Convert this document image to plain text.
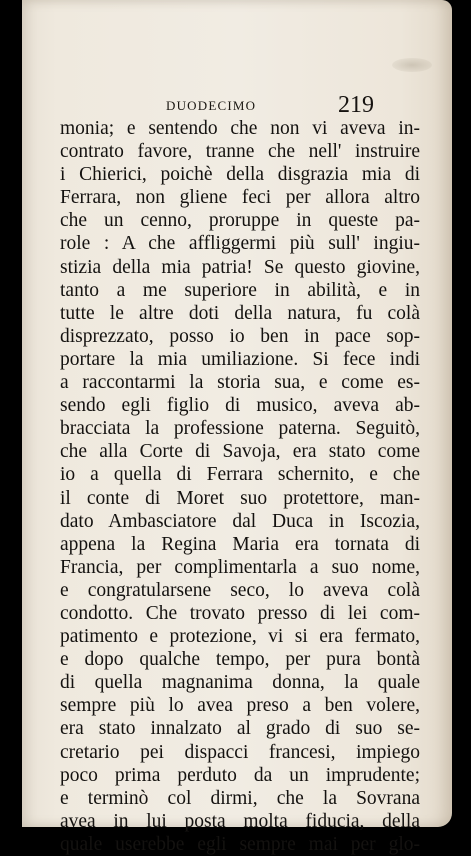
DUODECIMO	219
monia; e sentendo che non vi aveva in-
contrato favore, tranne che nell' instruire
i Chierici, poichè della disgrazia mia di
Ferrara, non gliene feci per allora altro
che un cenno, proruppe in queste pa-
role : A che affliggermi più sull' ingiu-
stizia della mia patria! Se questo giovine,
tanto a me superiore in abilità, e in
tutte le altre doti della natura, fu colà
disprezzato, posso io ben in pace sop-
portare la mia umiliazione. Si fece indi
a raccontarmi la storia sua, e come es-
sendo egli figlio di musico, aveva ab-
bracciata la professione paterna. Seguitò,
che alla Corte di Savoja, era stato come
io a quella di Ferrara schernito, e che
il conte di Moret suo protettore, man-
dato Ambasciatore dal Duca in Iscozia,
appena la Regina Maria era tornata di
Francia, per complimentarla a suo nome,
e congratularsene seco, lo aveva colà
condotto. Che trovato presso di lei com-
patimento e protezione, vi si era fermato,
e dopo qualche tempo, per pura bontà
di quella magnanima donna, la quale
sempre più lo avea preso a ben volere,
era stato innalzato al grado di suo se-
cretario pei dispacci francesi, impiego
poco prima perduto da un imprudente;
e terminò col dirmi, che la Sovrana
avea in lui posta molta fiducia, della
quale userebbe egli sempre mai per glo-
